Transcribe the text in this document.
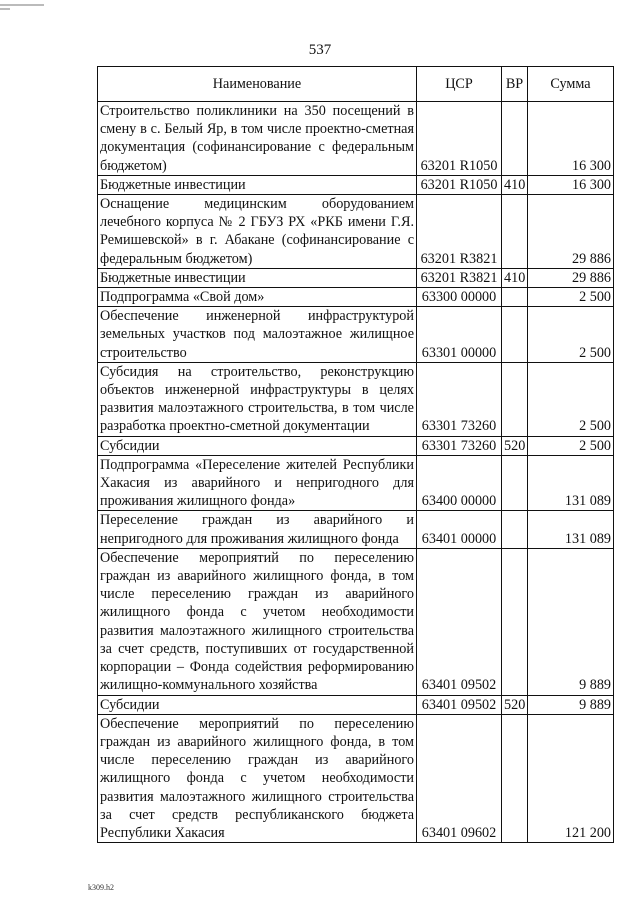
537
Наименование	ЦСР	ВР	Сумма
Строительство поликлиники на 350 посещений в смену в с. Белый Яр, в том числе проектно-сметная документация (софинансирование с федеральным бюджетом)	63201 R1050		16 300
Бюджетные инвестиции	63201 R1050	410	16 300
Оснащение медицинским оборудованием лечебного корпуса № 2 ГБУЗ РХ «РКБ имени Г.Я. Ремишевской» в г. Абакане (софинансирование с федеральным бюджетом)	63201 R3821		29 886
Бюджетные инвестиции	63201 R3821	410	29 886
Подпрограмма «Свой дом»	63300 00000		2 500
Обеспечение инженерной инфраструктурой земельных участков под малоэтажное жилищное строительство	63301 00000		2 500
Субсидия на строительство, реконструкцию объектов инженерной инфраструктуры в целях развития малоэтажного строительства, в том числе разработка проектно-сметной документации	63301 73260		2 500
Субсидии	63301 73260	520	2 500
Подпрограмма «Переселение жителей Республики Хакасия из аварийного и непригодного для проживания жилищного фонда»	63400 00000		131 089
Переселение граждан из аварийного и непригодного для проживания жилищного фонда	63401 00000		131 089
Обеспечение мероприятий по переселению граждан из аварийного жилищного фонда, в том числе переселению граждан из аварийного жилищного фонда с учетом необходимости развития малоэтажного жилищного строительства за счет средств, поступивших от государственной корпорации – Фонда содействия реформированию жилищно-коммунального хозяйства	63401 09502		9 889
Субсидии	63401 09502	520	9 889
Обеспечение мероприятий по переселению граждан из аварийного жилищного фонда, в том числе переселению граждан из аварийного жилищного фонда с учетом необходимости развития малоэтажного жилищного строительства за счет средств республиканского бюджета Республики Хакасия	63401 09602		121 200
k309.h2
